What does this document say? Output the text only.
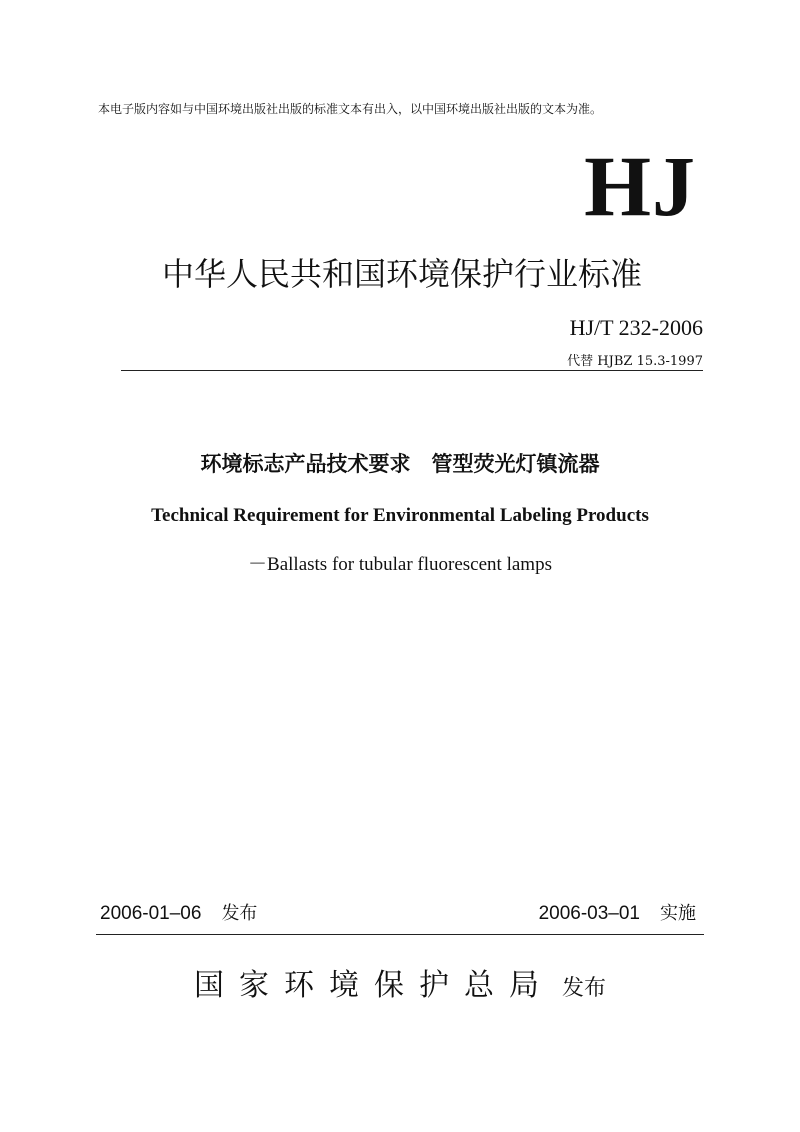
本电子版内容如与中国环境出版社出版的标准文本有出入，以中国环境出版社出版的文本为准。
HJ
中华人民共和国环境保护行业标准
HJ/T 232-2006
代替 HJBZ 15.3-1997
环境标志产品技术要求　管型荧光灯镇流器
Technical Requirement for Environmental Labeling Products
－Ballasts for tubular fluorescent lamps
2006-01–06 发布	2006-03–01 实施
国家环境保护总局 发布
